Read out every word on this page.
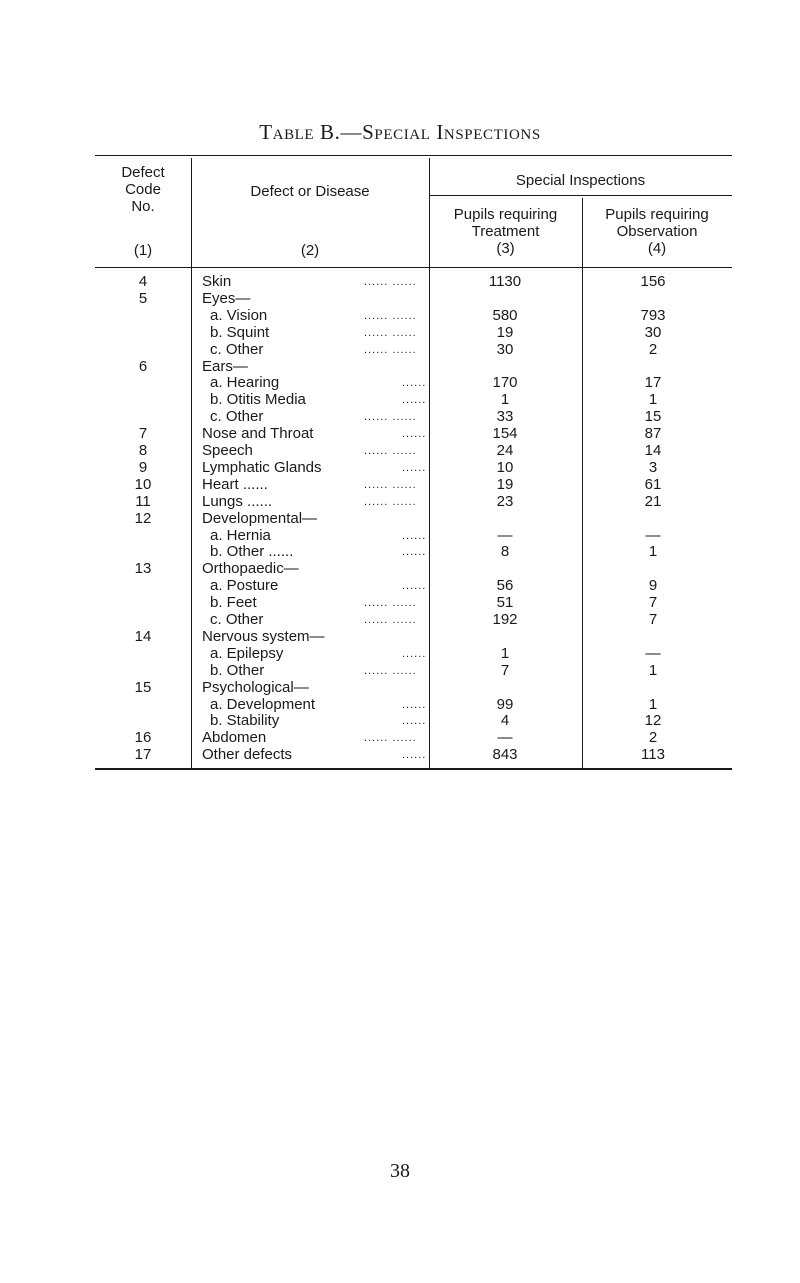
Table B.—Special Inspections
Defect
Code
No.
(1)
Defect or Disease
(2)
Special Inspections
Pupils requiring
Treatment
(3)
Pupils requiring
Observation
(4)
4	Skin	...... ......	1130	156
5	Eyes—
a. Vision	...... ......	580	793
b. Squint	...... ......	19	30
c. Other	...... ......	30	2
6	Ears—
a. Hearing	......	170	17
b. Otitis Media	......	1	1
c. Other	...... ......	33	15
7	Nose and Throat	......	154	87
8	Speech	...... ......	24	14
9	Lymphatic Glands	......	10	3
10	Heart ......	...... ......	19	61
11	Lungs ......	...... ......	23	21
12	Developmental—
a. Hernia	......	—	—
b. Other ......	......	8	1
13	Orthopaedic—
a. Posture	......	56	9
b. Feet	...... ......	51	7
c. Other	...... ......	192	7
14	Nervous system—
a. Epilepsy	......	1	—
b. Other	...... ......	7	1
15	Psychological—
a. Development	......	99	1
b. Stability	......	4	12
16	Abdomen	...... ......	—	2
17	Other defects	......	843	113
38
